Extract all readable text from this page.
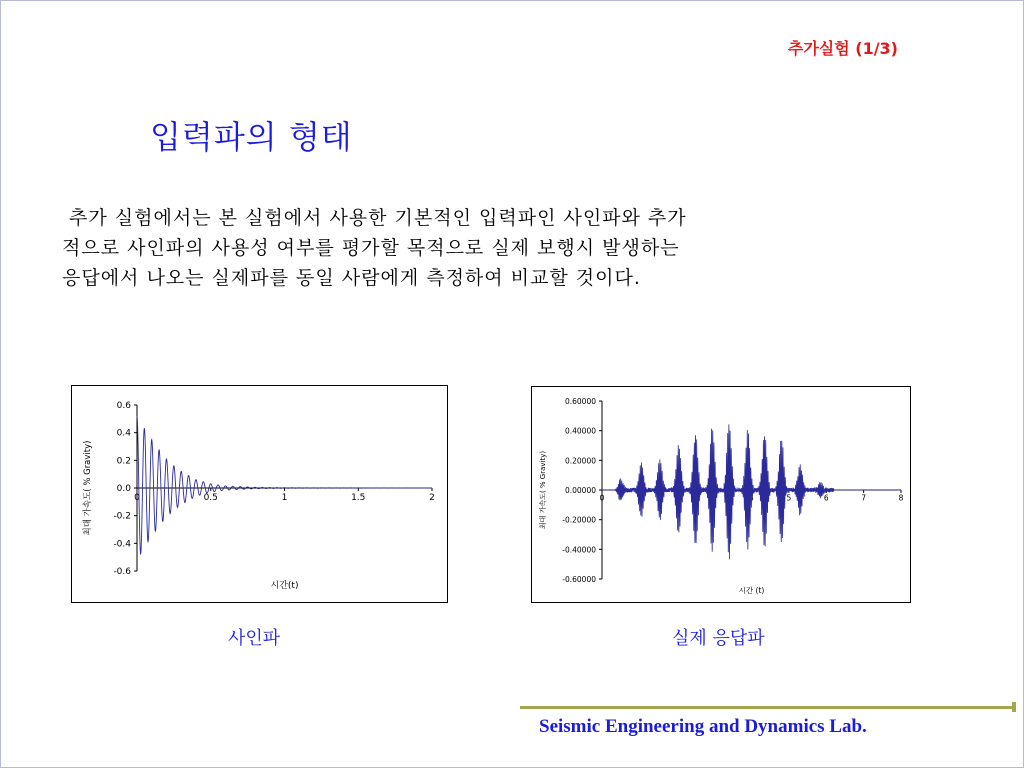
추가실험 (1/3)
입력파의 형태
추가 실험에서는 본 실험에서 사용한 기본적인 입력파인 사인파와 추가
적으로 사인파의 사용성 여부를 평가할 목적으로 실제 보행시 발생하는
응답에서 나오는 실제파를 동일 사람에게 측정하여 비교할 것이다.
0.6
0.4
0.2
0.0
-0.2
-0.4
-0.6
0	0.5	1	1.5	2
시간(t)
최대 가속도( % Gravity)
사인파
0.60000
0.40000
0.20000
0.00000
-0.20000
-0.40000
-0.60000
0	1	2	3	4	5	6	7	8
시간 (t)
최대 가속도( % Gravity)
실제 응답파
Seismic Engineering and Dynamics Lab.
